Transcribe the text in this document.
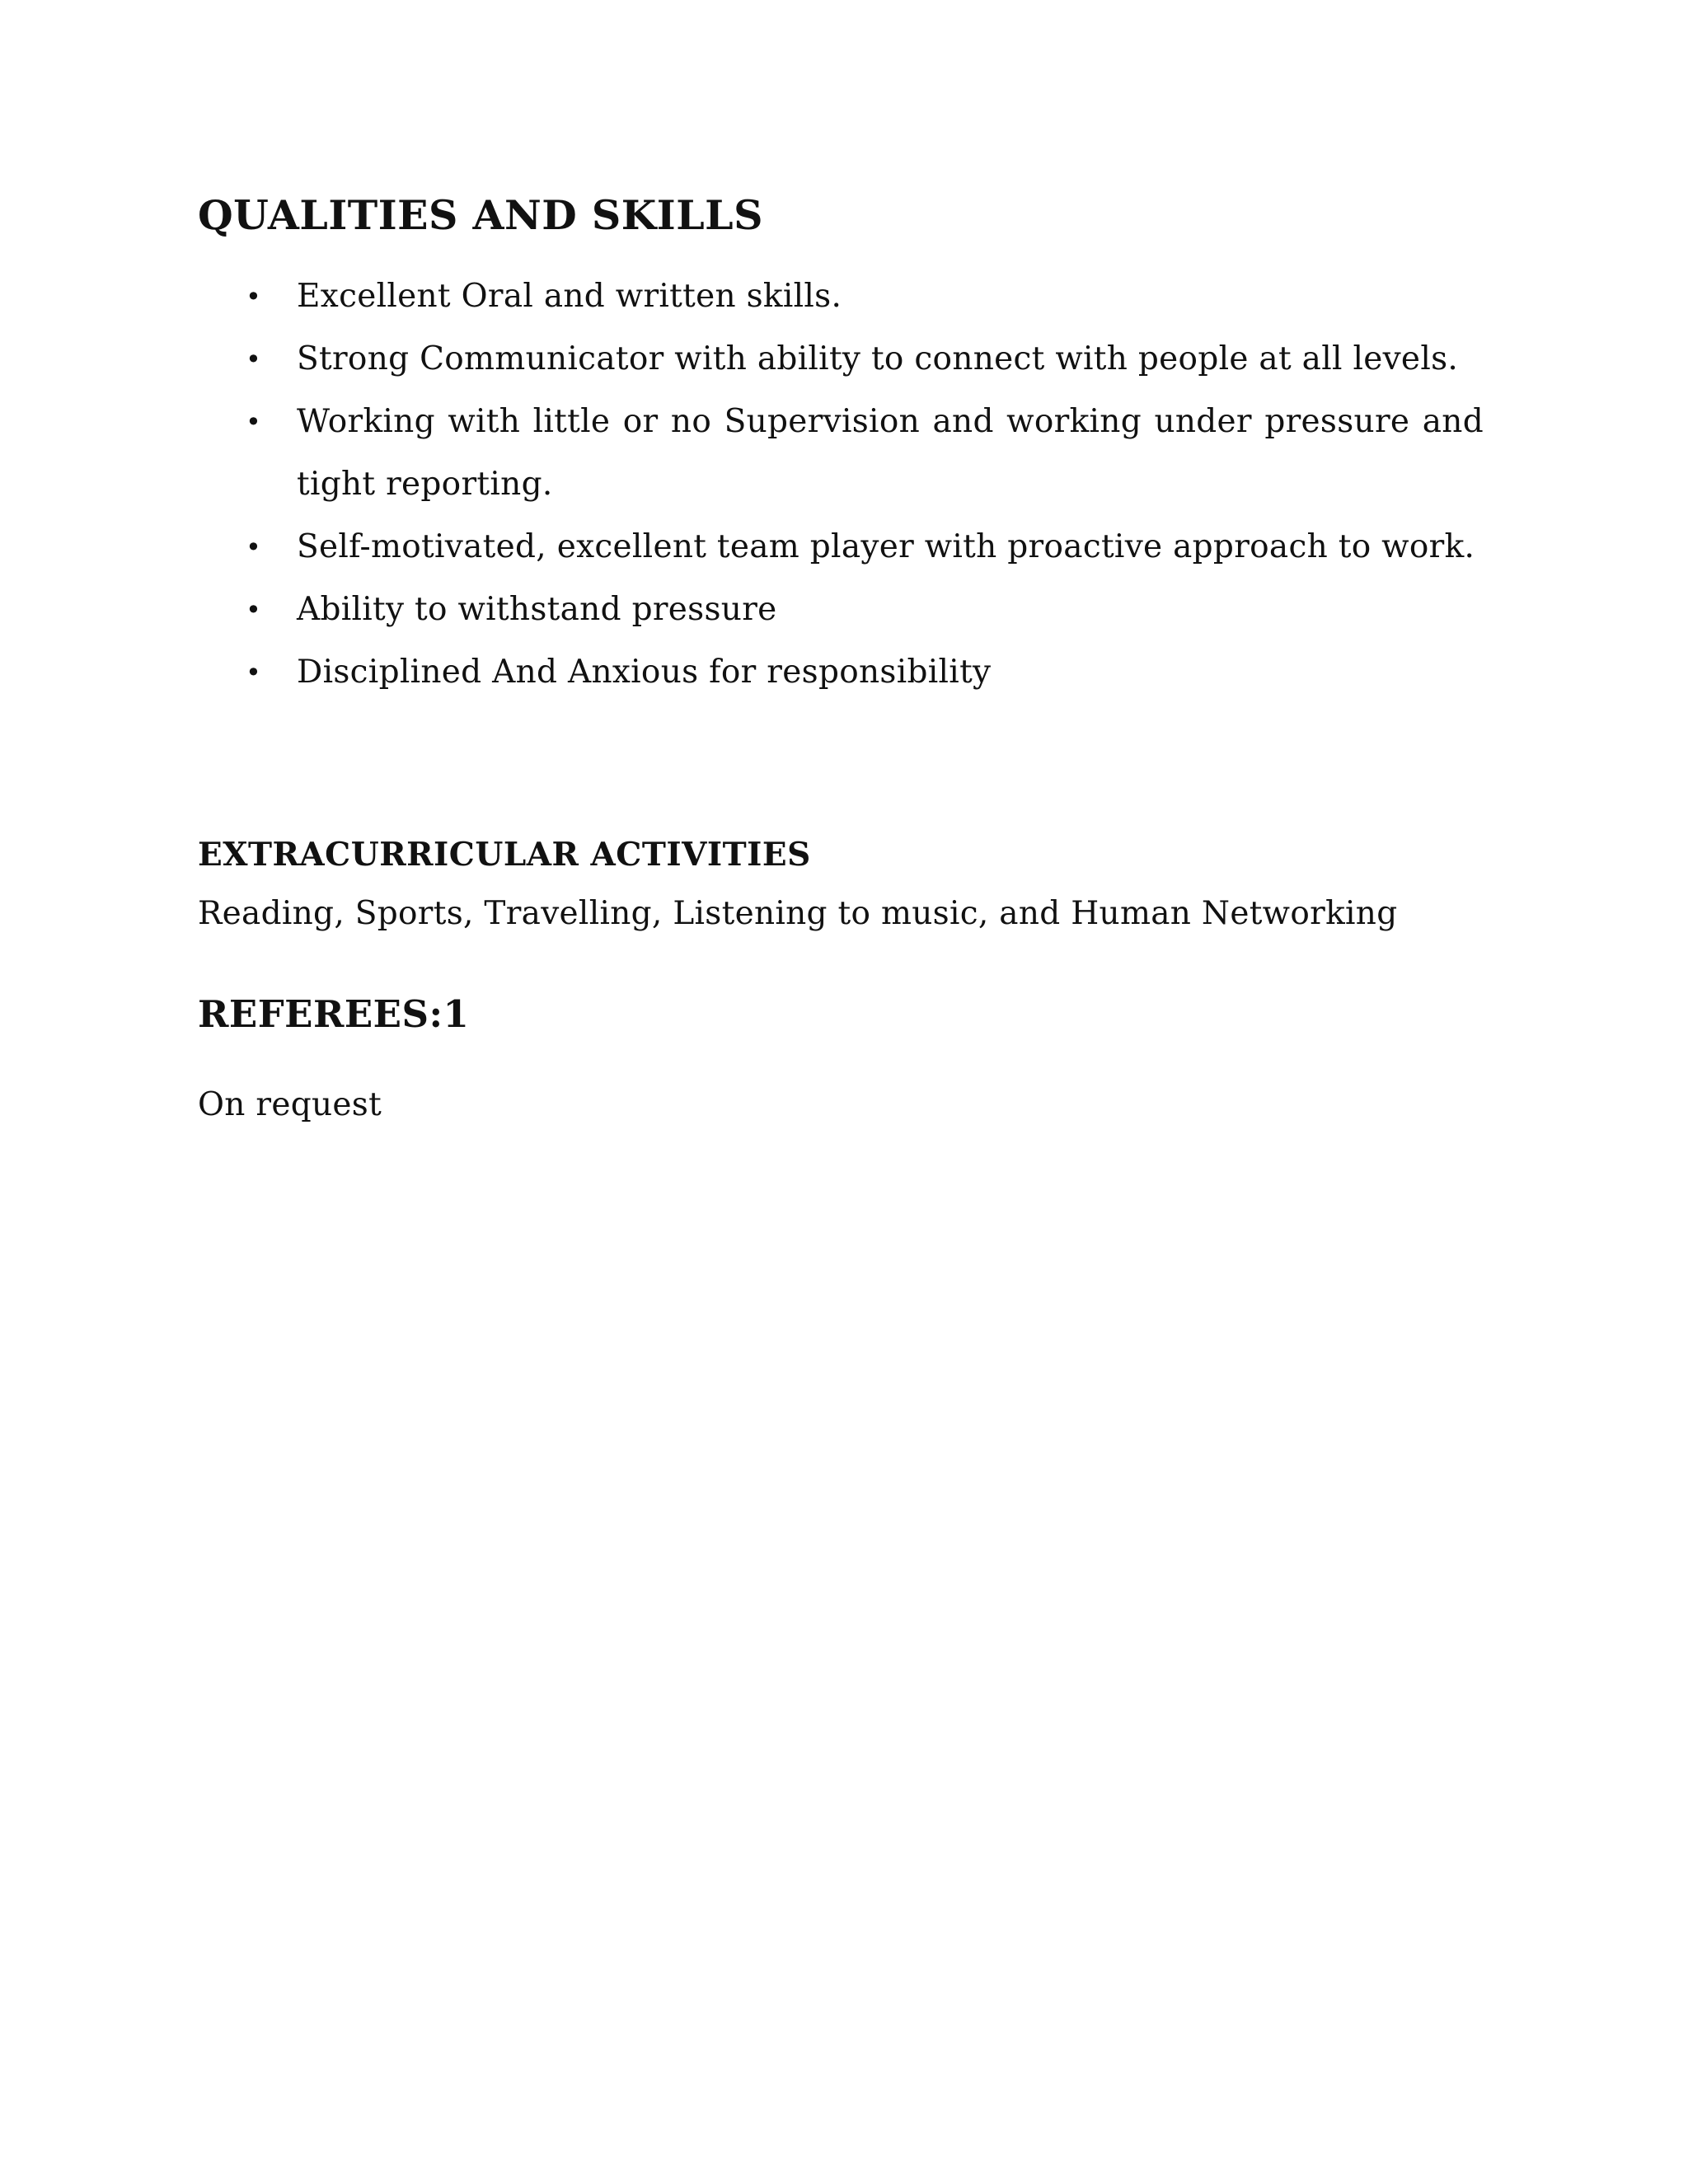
QUALITIES AND SKILLS
• Excellent Oral and written skills.
• Strong Communicator with ability to connect with people at all levels.
• Working with little or no Supervision and working under pressure and tight reporting.
• Self-motivated, excellent team player with proactive approach to work.
• Ability to withstand pressure
• Disciplined And Anxious for responsibility
EXTRACURRICULAR ACTIVITIES

Reading, Sports, Travelling, Listening to music, and Human Networking

REFEREES:1

On request
